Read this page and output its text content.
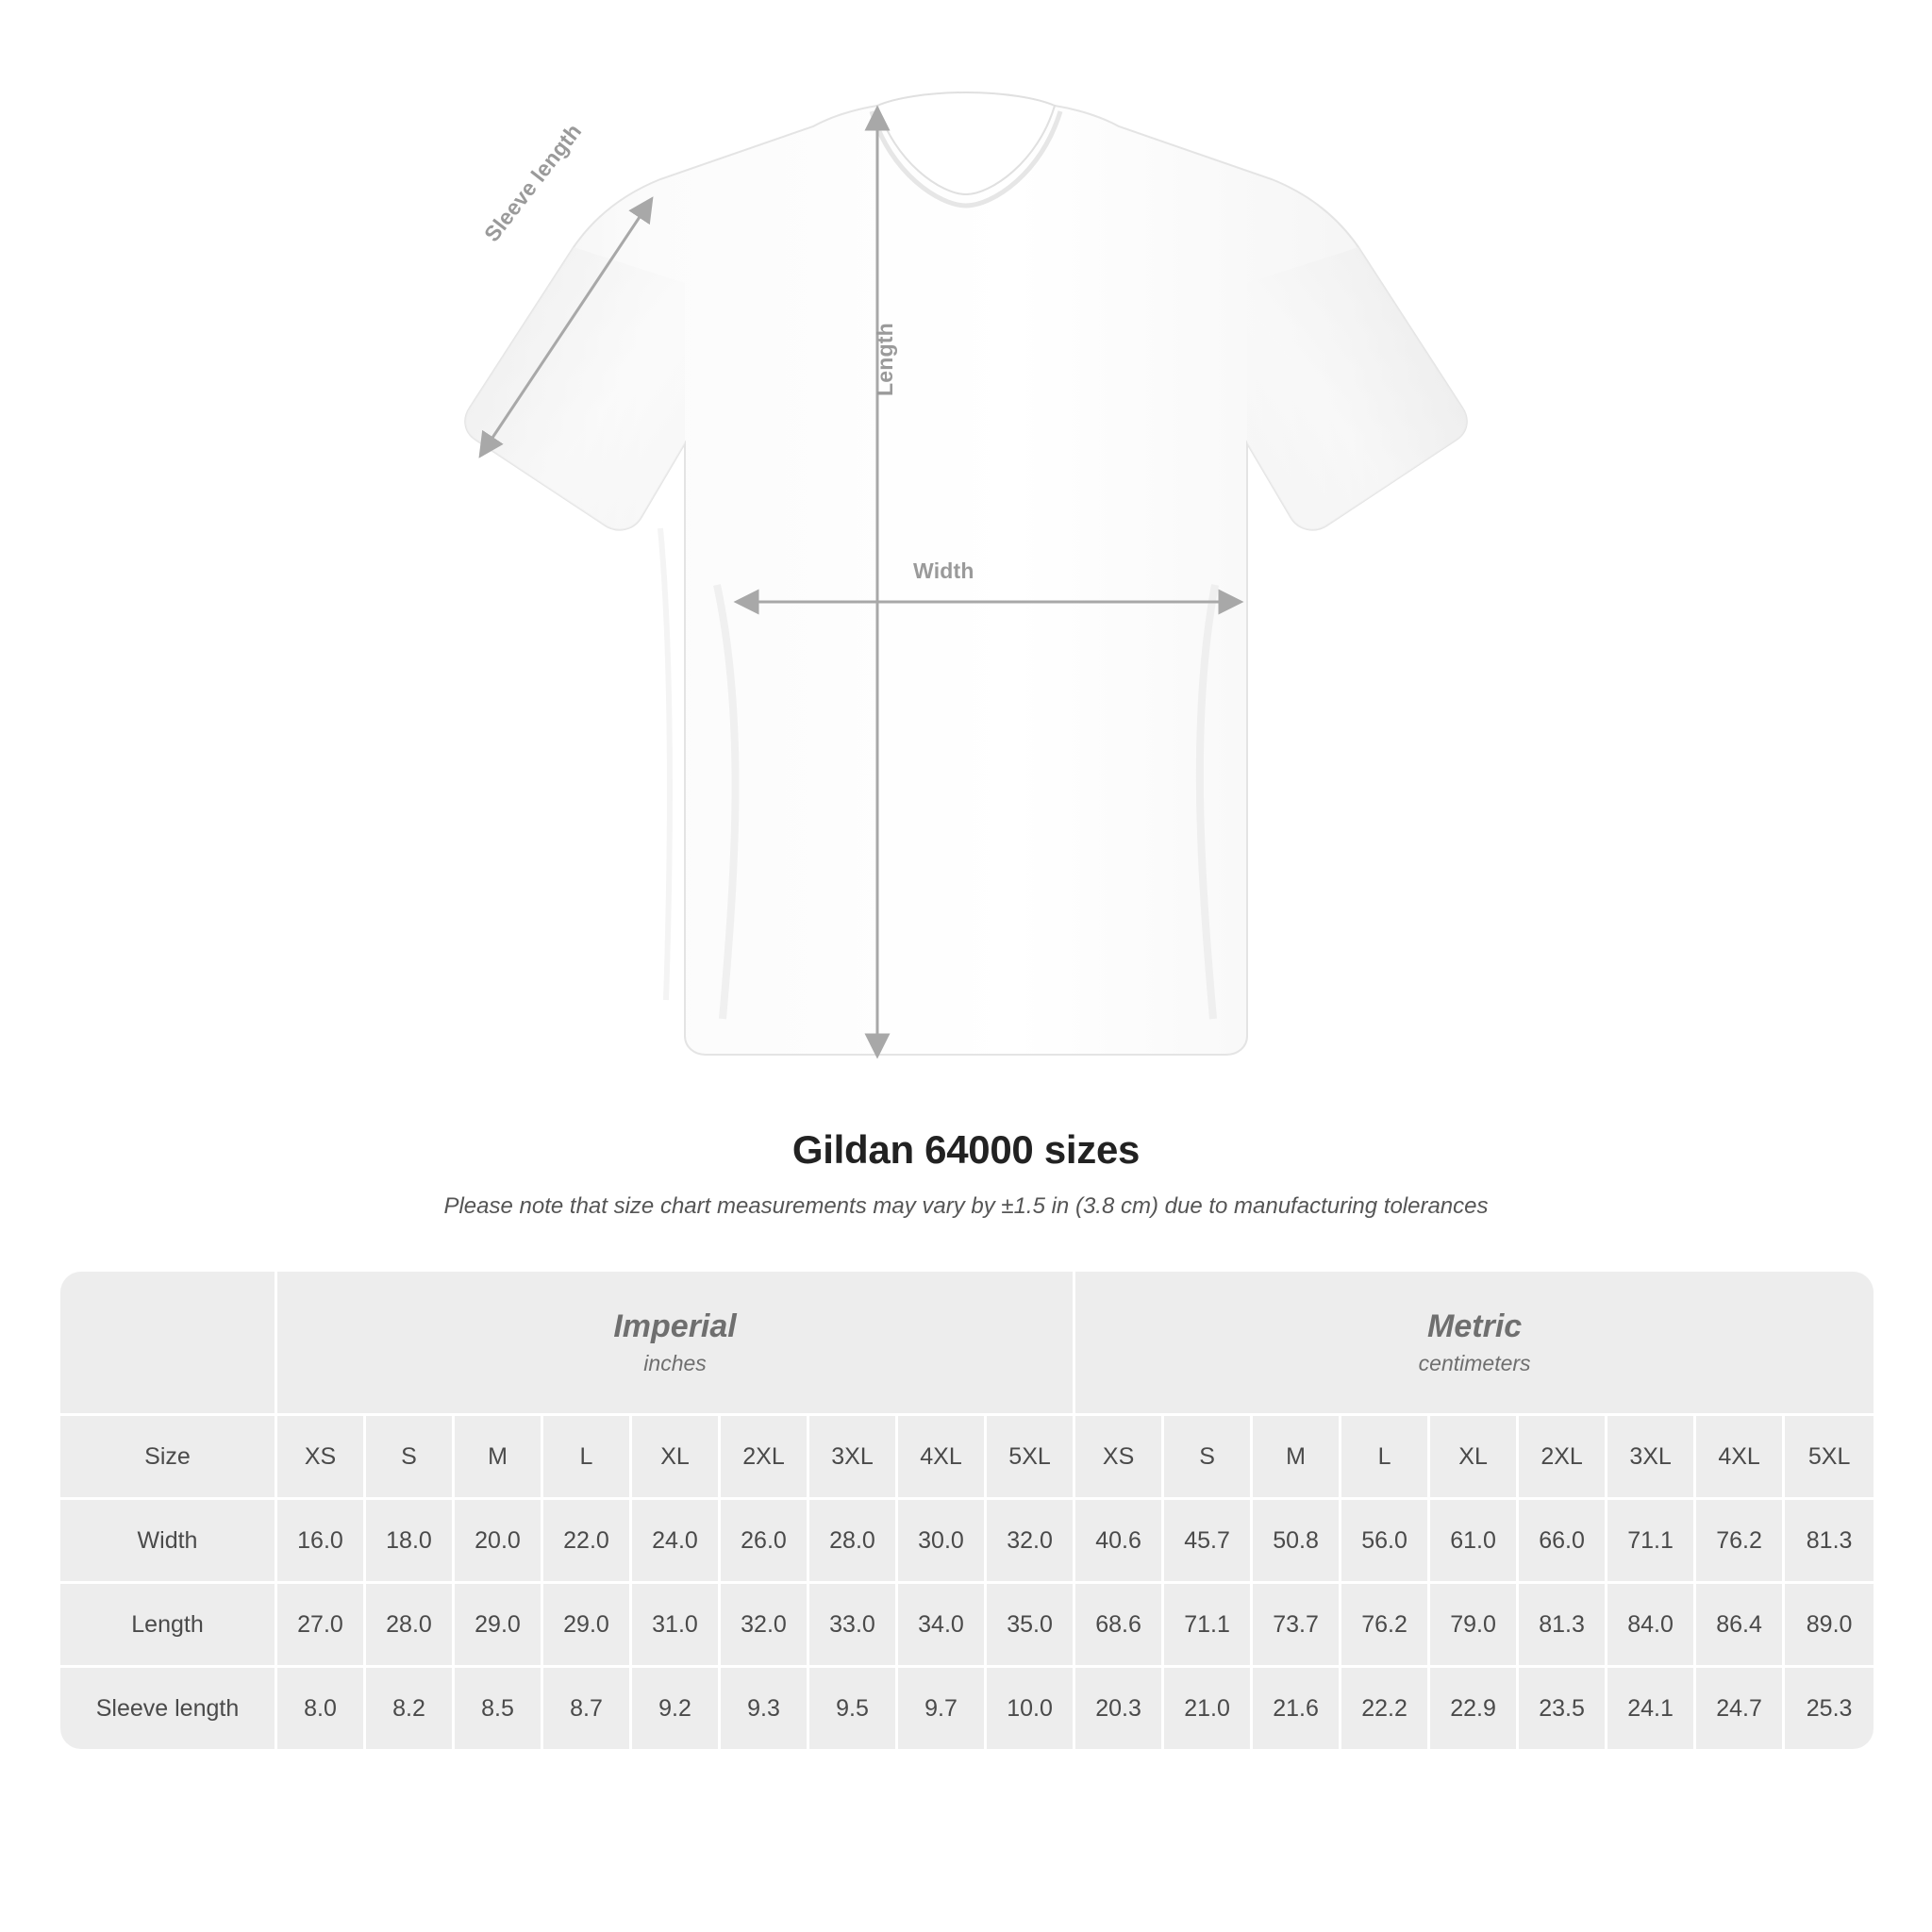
Width
Length
Sleeve length
Gildan 64000 sizes

Please note that size chart measurements may vary by ±1.5 in (3.8 cm) due to manufacturing tolerances

	Imperial
inches									Metric
centimeters								

Size	XS	S	M	L	XL	2XL	3XL	4XL	5XL	XS	S	M	L	XL	2XL	3XL	4XL	5XL
Width	16.0	18.0	20.0	22.0	24.0	26.0	28.0	30.0	32.0	40.6	45.7	50.8	56.0	61.0	66.0	71.1	76.2	81.3
Length	27.0	28.0	29.0	29.0	31.0	32.0	33.0	34.0	35.0	68.6	71.1	73.7	76.2	79.0	81.3	84.0	86.4	89.0
Sleeve length	8.0	8.2	8.5	8.7	9.2	9.3	9.5	9.7	10.0	20.3	21.0	21.6	22.2	22.9	23.5	24.1	24.7	25.3
